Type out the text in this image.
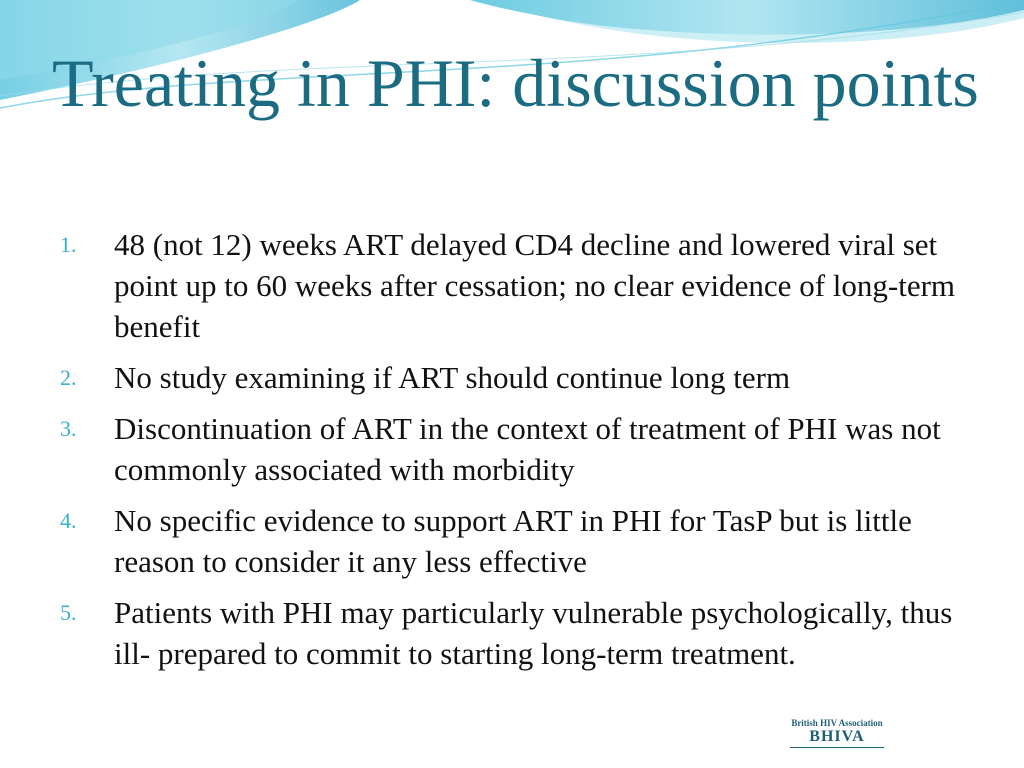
Treating in PHI: discussion points
1.	48 (not 12) weeks ART delayed CD4 decline and lowered viral set point up to 60 weeks after cessation; no clear evidence of long-term benefit
2.	No study examining if ART should continue long term
3.	Discontinuation of ART in the context of treatment of PHI was not commonly associated with morbidity
4.	No specific evidence to support ART in PHI for TasP but is little reason to consider it any less effective
5.	Patients with PHI may particularly vulnerable psychologically, thus ill- prepared to commit to starting long-term treatment.
British HIV Association
BHIVA
